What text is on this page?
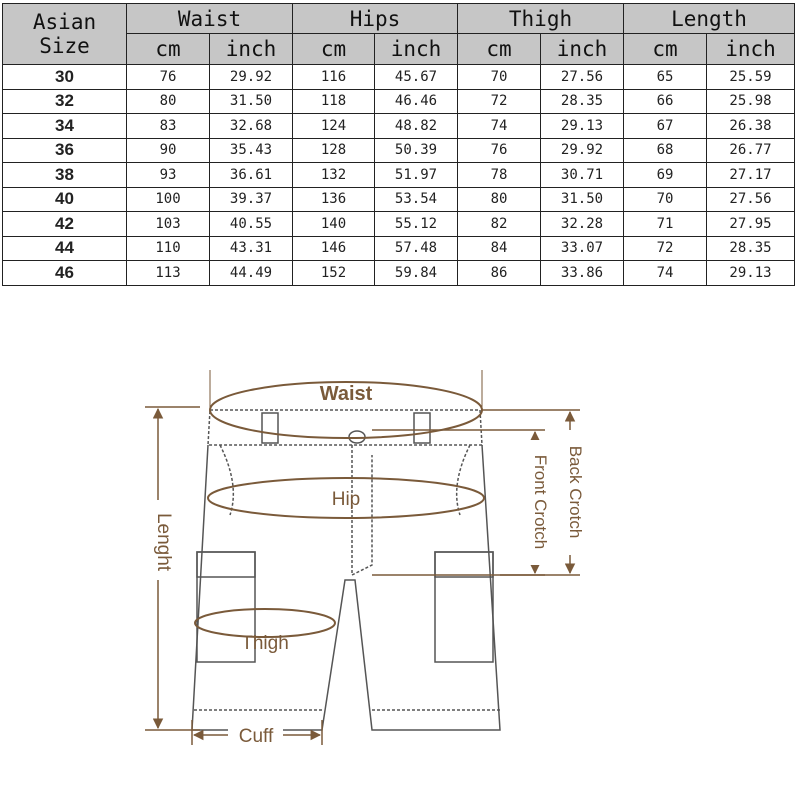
Asian
Size	Waist		Hips		Thigh		Length	
	cm	inch	cm	inch	cm	inch	cm	inch
30	76	29.92	116	45.67	70	27.56	65	25.59
32	80	31.50	118	46.46	72	28.35	66	25.98
34	83	32.68	124	48.82	74	29.13	67	26.38
36	90	35.43	128	50.39	76	29.92	68	26.77
38	93	36.61	132	51.97	78	30.71	69	27.17
40	100	39.37	136	53.54	80	31.50	70	27.56
42	103	40.55	140	55.12	82	32.28	71	27.95
44	110	43.31	146	57.48	84	33.07	72	28.35
46	113	44.49	152	59.84	86	33.86	74	29.13
Waist
Hip
Thigh
Lenght
Cuff
Front Crotch Back Crotch
